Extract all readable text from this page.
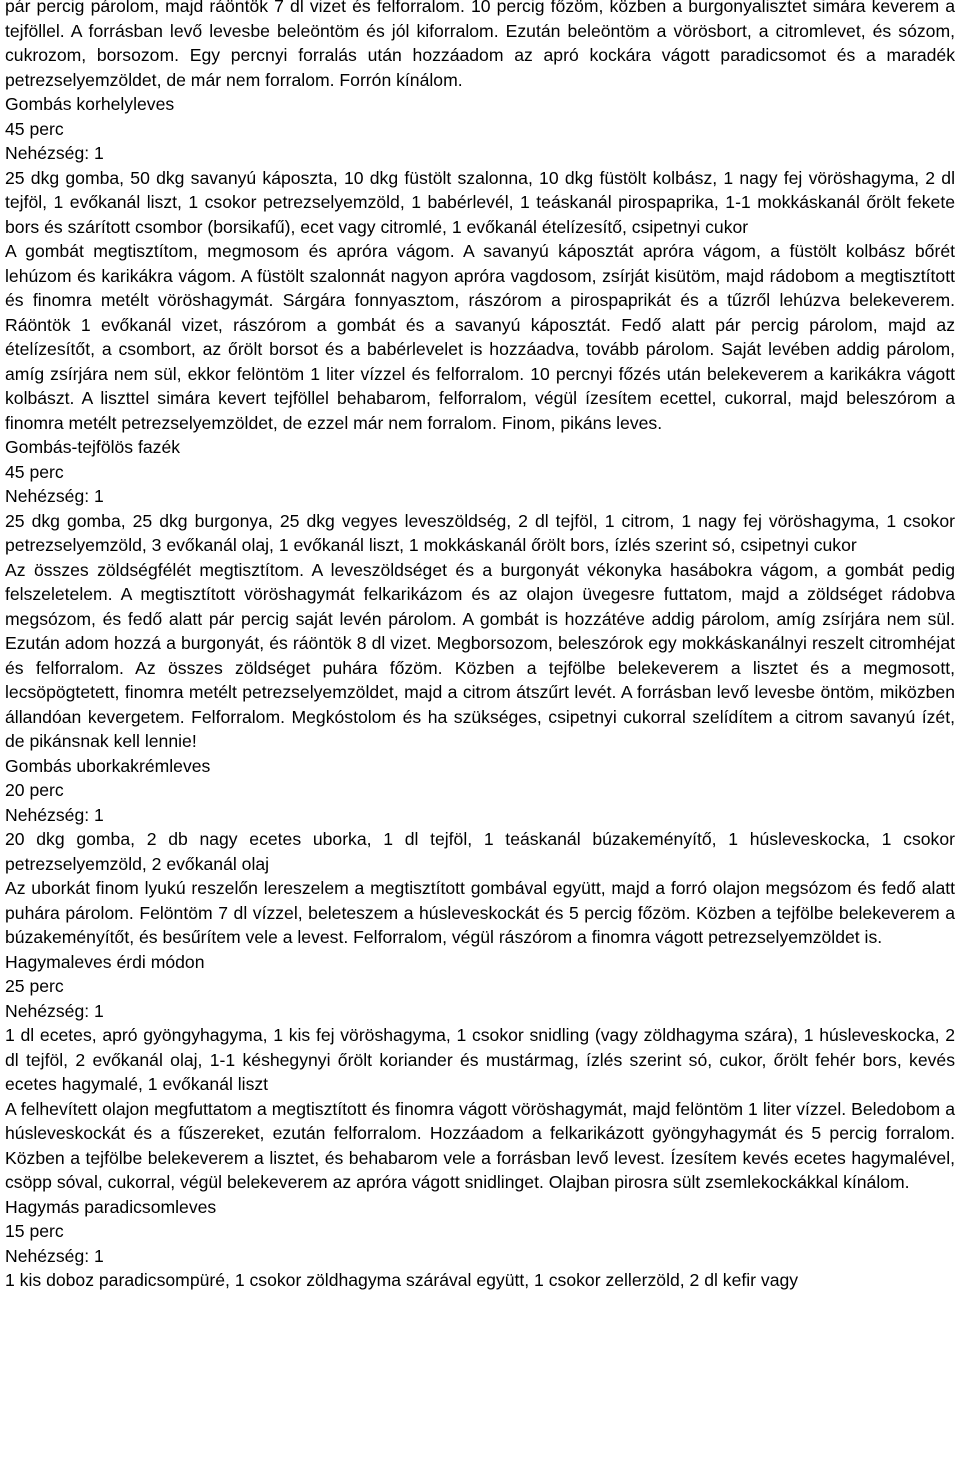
pár percig párolom, majd ráöntök 7 dl vizet és felforralom. 10 percig főzöm, közben a burgonyalisztet simára keverem a tejföllel. A forrásban levő levesbe beleöntöm és jól kiforralom. Ezután beleöntöm a vörösbort, a citromlevet, és sózom, cukrozom, borsozom. Egy percnyi forralás után hozzáadom az apró kockára vágott paradicsomot és a maradék petrezselyemzöldet, de már nem forralom. Forrón kínálom.

Gombás korhelyleves

45 perc

Nehézség: 1

25 dkg gomba, 50 dkg savanyú káposzta, 10 dkg füstölt szalonna, 10 dkg füstölt kolbász, 1 nagy fej vöröshagyma, 2 dl tejföl, 1 evőkanál liszt, 1 csokor petrezselyemzöld, 1 babérlevél, 1 teáskanál pirospaprika, 1-1 mokkáskanál őrölt fekete bors és szárított csombor (borsikafű), ecet vagy citromlé, 1 evőkanál ételízesítő, csipetnyi cukor

A gombát megtisztítom, megmosom és apróra vágom. A savanyú káposztát apróra vágom, a füstölt kolbász bőrét lehúzom és karikákra vágom. A füstölt szalonnát nagyon apróra vagdosom, zsírját kisütöm, majd rádobom a megtisztított és finomra metélt vöröshagymát. Sárgára fonnyasztom, rászórom a pirospaprikát és a tűzről lehúzva belekeverem. Ráöntök 1 evőkanál vizet, rászórom a gombát és a savanyú káposztát. Fedő alatt pár percig párolom, majd az ételízesítőt, a csombort, az őrölt borsot és a babérlevelet is hozzáadva, tovább párolom. Saját levében addig párolom, amíg zsírjára nem sül, ekkor felöntöm 1 liter vízzel és felforralom. 10 percnyi főzés után belekeverem a karikákra vágott kolbászt. A liszttel simára kevert tejföllel behabarom, felforralom, végül ízesítem ecettel, cukorral, majd beleszórom a finomra metélt petrezselyemzöldet, de ezzel már nem forralom. Finom, pikáns leves.

Gombás-tejfölös fazék

45 perc

Nehézség: 1

25 dkg gomba, 25 dkg burgonya, 25 dkg vegyes leveszöldség, 2 dl tejföl, 1 citrom, 1 nagy fej vöröshagyma, 1 csokor petrezselyemzöld, 3 evőkanál olaj, 1 evőkanál liszt, 1 mokkáskanál őrölt bors, ízlés szerint só, csipetnyi cukor

Az összes zöldségfélét megtisztítom. A leveszöldséget és a burgonyát vékonyka hasábokra vágom, a gombát pedig felszeletelem. A megtisztított vöröshagymát felkarikázom és az olajon üvegesre futtatom, majd a zöldséget rádobva megsózom, és fedő alatt pár percig saját levén párolom. A gombát is hozzátéve addig párolom, amíg zsírjára nem sül. Ezután adom hozzá a burgonyát, és ráöntök 8 dl vizet. Megborsozom, beleszórok egy mokkáskanálnyi reszelt citromhéjat és felforralom. Az összes zöldséget puhára főzöm. Közben a tejfölbe belekeverem a lisztet és a megmosott, lecsöpögtetett, finomra metélt petrezselyemzöldet, majd a citrom átszűrt levét. A forrásban levő levesbe öntöm, miközben állandóan kevergetem. Felforralom. Megkóstolom és ha szükséges, csipetnyi cukorral szelídítem a citrom savanyú ízét, de pikánsnak kell lennie!

Gombás uborkakrémleves

20 perc

Nehézség: 1

20 dkg gomba, 2 db nagy ecetes uborka, 1 dl tejföl, 1 teáskanál búzakeményítő, 1 húsleveskocka, 1 csokor petrezselyemzöld, 2 evőkanál olaj

Az uborkát finom lyukú reszelőn lereszelem a megtisztított gombával együtt, majd a forró olajon megsózom és fedő alatt puhára párolom. Felöntöm 7 dl vízzel, beleteszem a húsleveskockát és 5 percig főzöm. Közben a tejfölbe belekeverem a búzakeményítőt, és besűrítem vele a levest. Felforralom, végül rászórom a finomra vágott petrezselyemzöldet is.

Hagymaleves érdi módon

25 perc

Nehézség: 1

1 dl ecetes, apró gyöngyhagyma, 1 kis fej vöröshagyma, 1 csokor snidling (vagy zöldhagyma szára), 1 húsleveskocka, 2 dl tejföl, 2 evőkanál olaj, 1-1 késhegynyi őrölt koriander és mustármag, ízlés szerint só, cukor, őrölt fehér bors, kevés ecetes hagymalé, 1 evőkanál liszt

A felhevített olajon megfuttatom a megtisztított és finomra vágott vöröshagymát, majd felöntöm 1 liter vízzel. Beledobom a húsleveskockát és a fűszereket, ezután felforralom. Hozzáadom a felkarikázott gyöngyhagymát és 5 percig forralom. Közben a tejfölbe belekeverem a lisztet, és behabarom vele a forrásban levő levest. Ízesítem kevés ecetes hagymalével, csöpp sóval, cukorral, végül belekeverem az apróra vágott snidlinget. Olajban pirosra sült zsemlekockákkal kínálom.

Hagymás paradicsomleves

15 perc

Nehézség: 1

1 kis doboz paradicsompüré, 1 csokor zöldhagyma szárával együtt, 1 csokor zellerzöld, 2 dl kefir vagy
